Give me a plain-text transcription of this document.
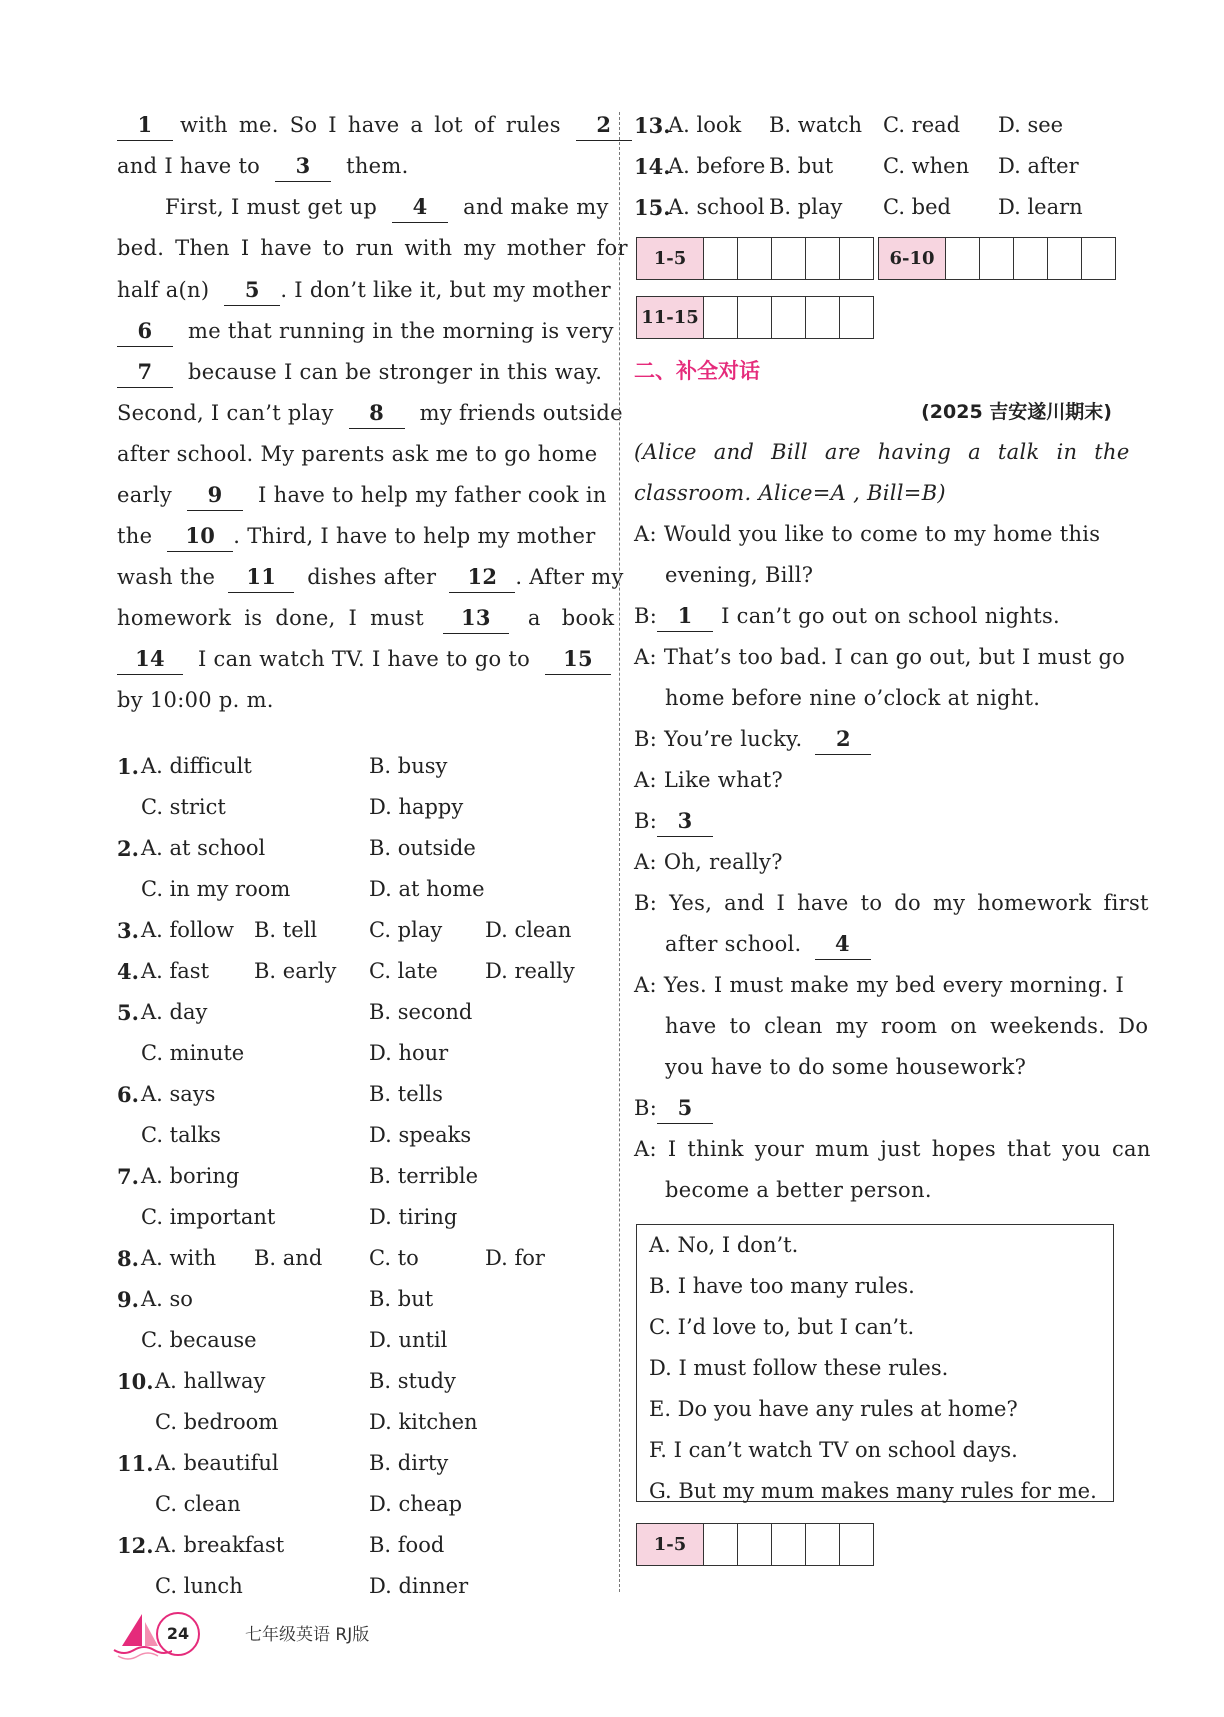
1 with me. So I have a lot of rules 2
and I have to 3 them.
First, I must get up 4 and make my
bed. Then I have to run with my mother for
half a(n) 5 . I don’t like it, but my mother
6 me that running in the morning is very
7 because I can be stronger in this way.
Second, I can’t play 8 my friends outside
after school. My parents ask me to go home
early 9 I have to help my father cook in
the 10 . Third, I have to help my mother
wash the 11 dishes after 12 . After my
homework is done, I must 13 a book
14 I can watch TV. I have to go to 15
by 10:00 p. m.
1. A. difficult	B. busy
C. strict	D. happy
2. A. at school	B. outside
C. in my room	D. at home
3. A. follow B. tell C. play D. clean
4. A. fast B. early C. late D. really
5. A. day	B. second
C. minute	D. hour
6. A. says	B. tells
C. talks	D. speaks
7. A. boring	B. terrible
C. important	D. tiring
8. A. with B. and C. to	D. for
9. A. so	B. but
C. because	D. until
10. A. hallway	B. study
C. bedroom	D. kitchen
11. A. beautiful	B. dirty
C. clean	D. cheap
12. A. breakfast	B. food
C. lunch	D. dinner
13.
A. look B. watch C. read D. see
14.
A. before B. but C. when D. after
15.
A. school B. play C. bed D. learn
1-5	6-10
11-15
二、补全对话
(2025 吉安遂川期末)
(Alice and Bill are having a talk in the
classroom. Alice=A , Bill=B)
A: Would you like to come to my home this
evening, Bill?
B: 1 I can’t go out on school nights.
A: That’s too bad. I can go out, but I must go
home before nine o’clock at night.
B: You’re lucky. 2
A: Like what?
B: 3
A: Oh, really?
B: Yes, and I have to do my homework first
after school. 4
A: Yes. I must make my bed every morning. I
have to clean my room on weekends. Do
you have to do some housework?
B: 5
A: I think your mum just hopes that you can
become a better person.
A. No, I don’t.
B. I have too many rules.
C. I’d love to, but I can’t.
D. I must follow these rules.
E. Do you have any rules at home?
F. I can’t watch TV on school days.
G. But my mum makes many rules for me.
1-5
24	七年级英语 RJ版
